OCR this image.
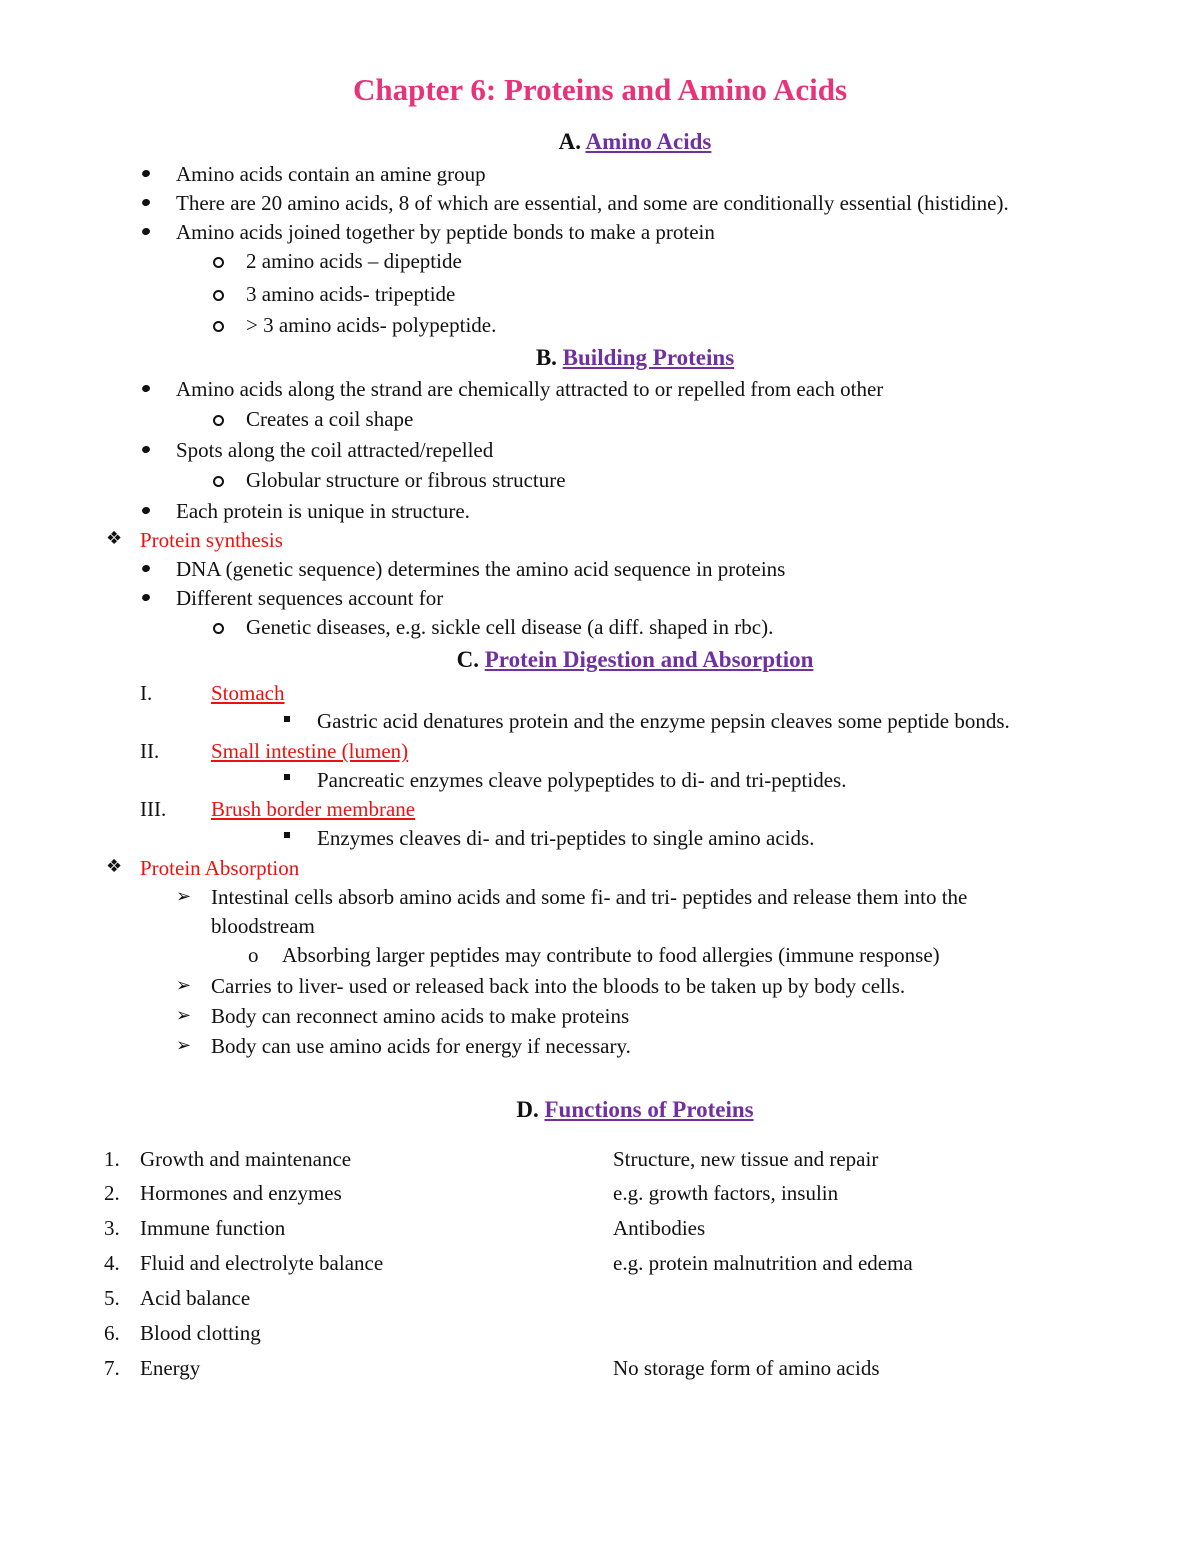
Chapter 6: Proteins and Amino Acids
A. Amino Acids
Amino acids contain an amine group
There are 20 amino acids, 8 of which are essential, and some are conditionally essential (histidine).
Amino acids joined together by peptide bonds to make a protein
2 amino acids – dipeptide
3 amino acids- tripeptide
> 3 amino acids- polypeptide.
B. Building Proteins
Amino acids along the strand are chemically attracted to or repelled from each other
Creates a coil shape
Spots along the coil attracted/repelled
Globular structure or fibrous structure
Each protein is unique in structure.
❖ Protein synthesis
DNA (genetic sequence) determines the amino acid sequence in proteins
Different sequences account for
Genetic diseases, e.g. sickle cell disease (a diff. shaped in rbc).
C. Protein Digestion and Absorption
I.	Stomach
Gastric acid denatures protein and the enzyme pepsin cleaves some peptide bonds.
II. Small intestine (lumen)
Pancreatic enzymes cleave polypeptides to di- and tri-peptides.
III. Brush border membrane
Enzymes cleaves di- and tri-peptides to single amino acids.
❖ Protein Absorption
➢ Intestinal cells absorb amino acids and some fi- and tri- peptides and release them into the
bloodstream
o Absorbing larger peptides may contribute to food allergies (immune response)
➢ Carries to liver- used or released back into the bloods to be taken up by body cells.
➢ Body can reconnect amino acids to make proteins
➢ Body can use amino acids for energy if necessary.
D. Functions of Proteins
1. Growth and maintenance	Structure, new tissue and repair
2. Hormones and enzymes	e.g. growth factors, insulin
3. Immune function	Antibodies
4. Fluid and electrolyte balance	e.g. protein malnutrition and edema
5. Acid balance
6. Blood clotting
7. Energy	No storage form of amino acids
